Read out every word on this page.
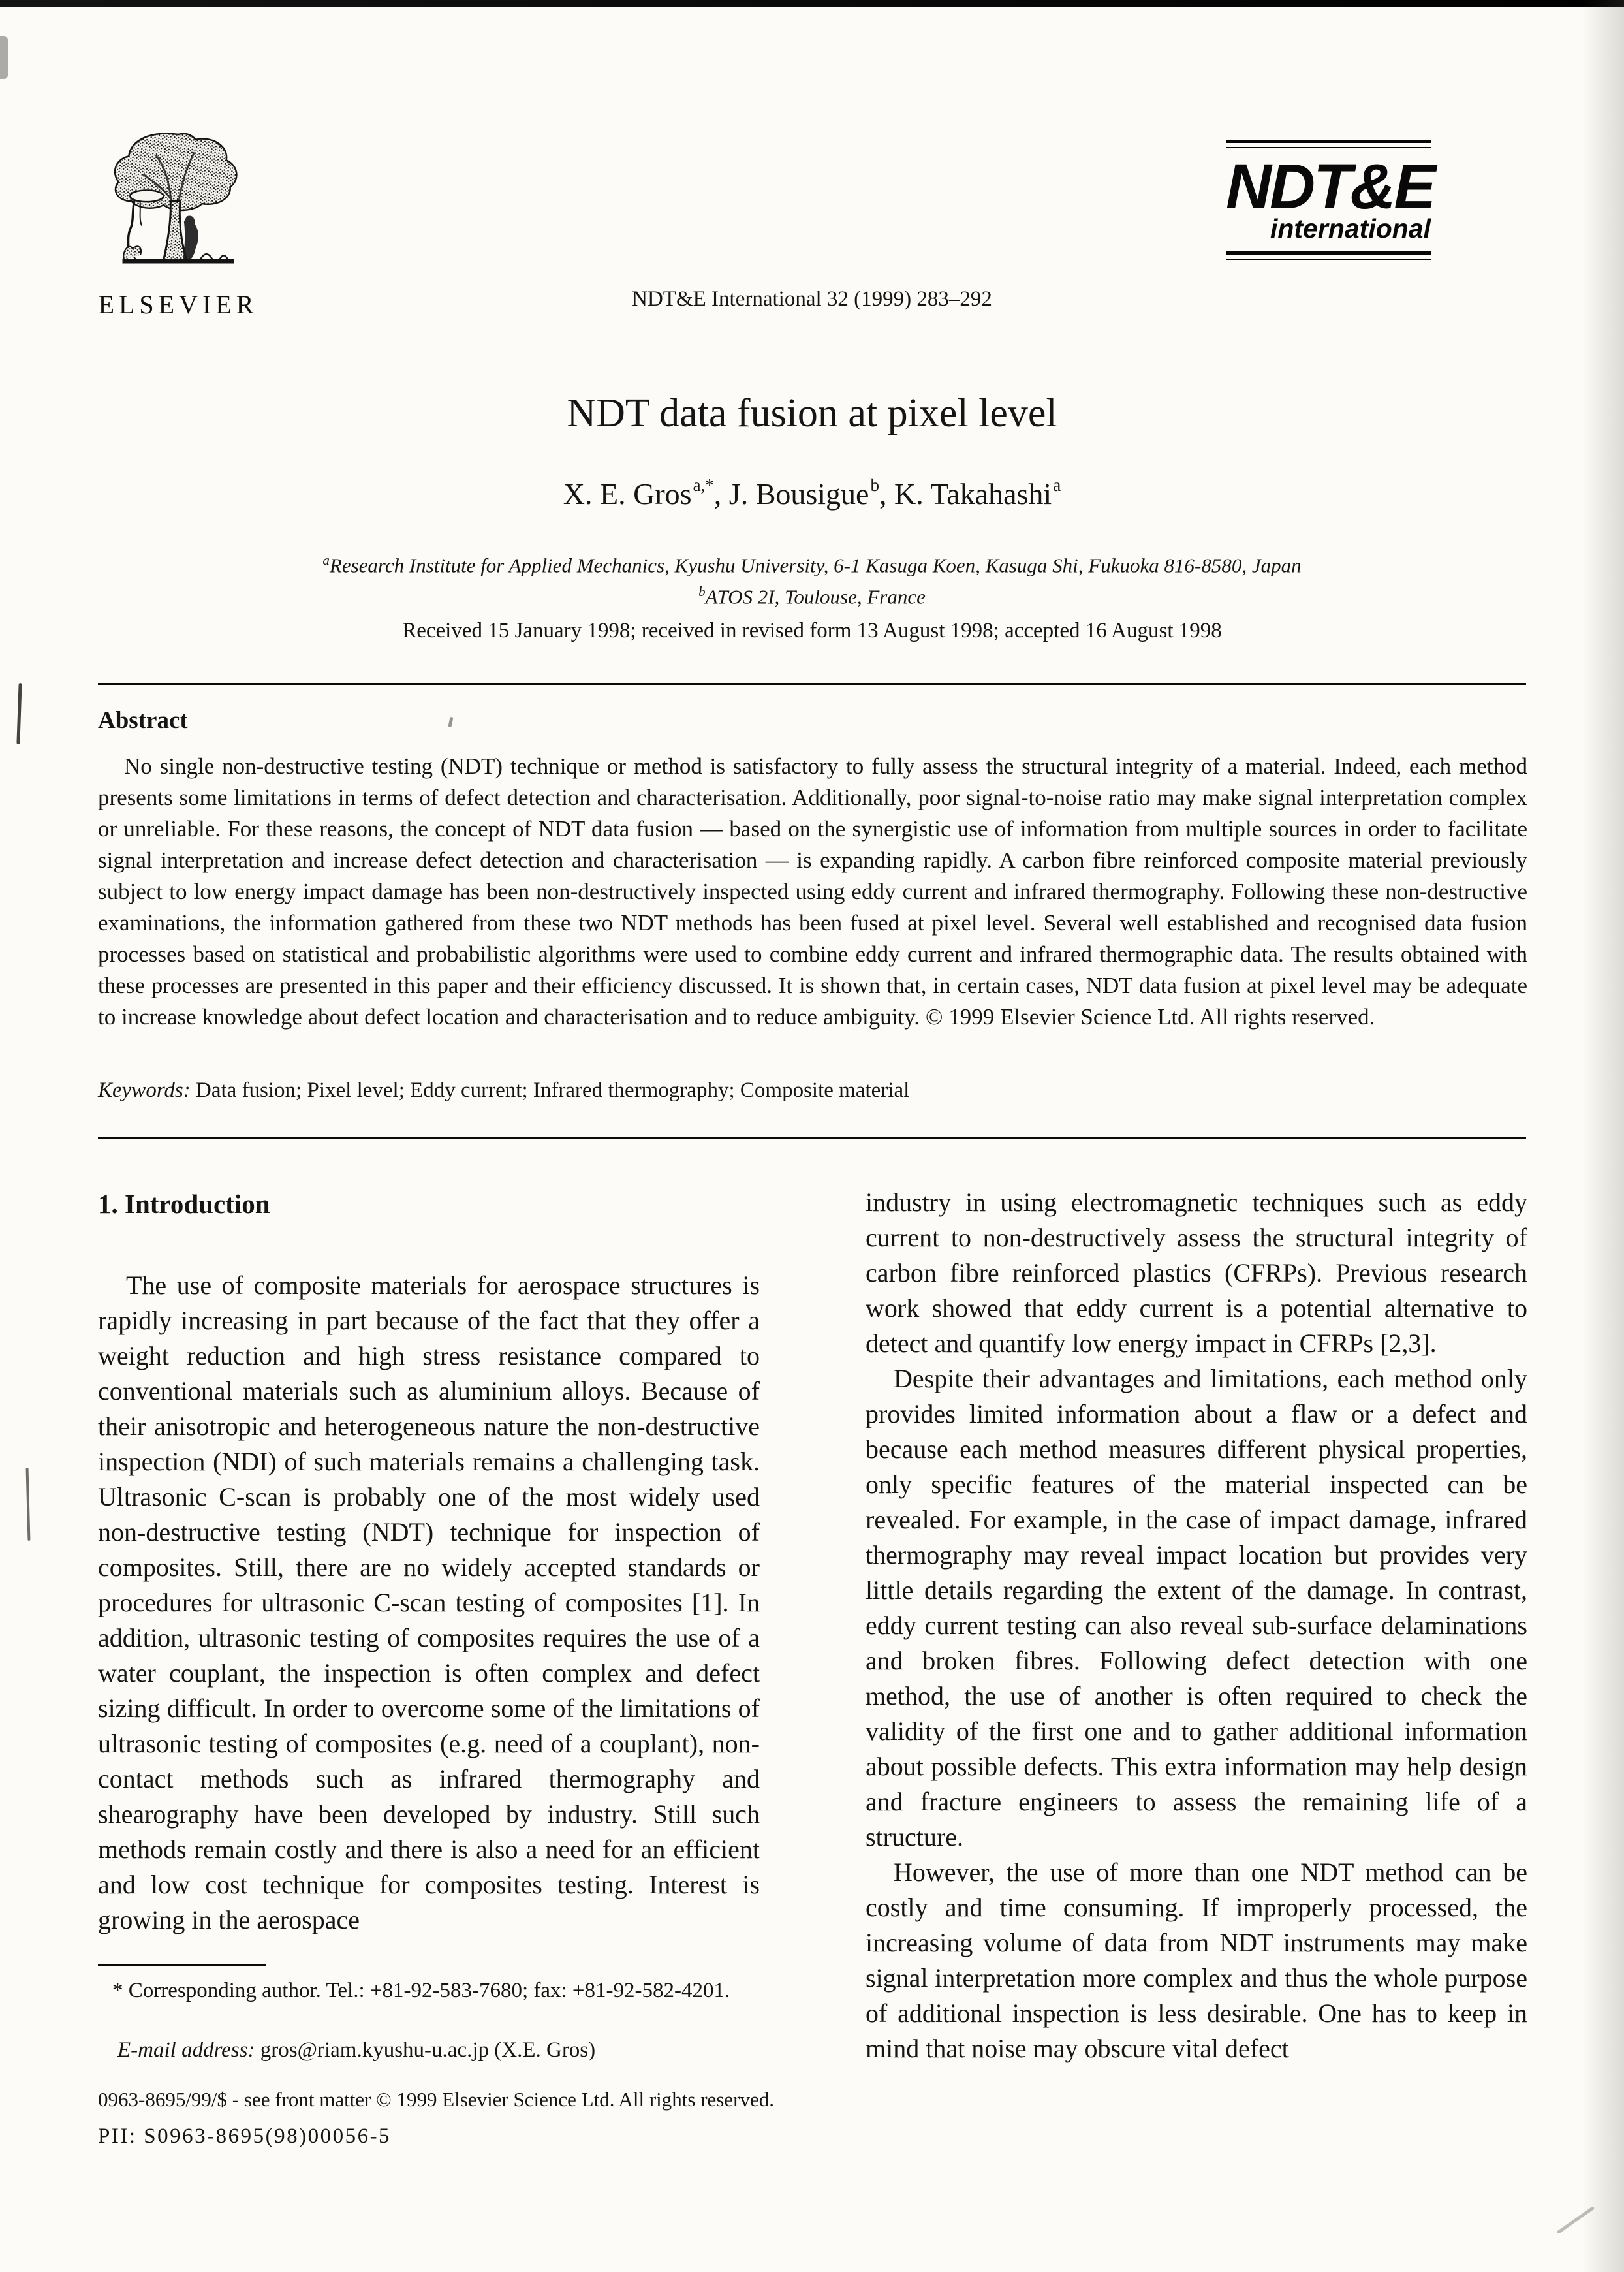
ELSEVIER	NDT&E International 32 (1999) 283–292
NDT&E
international
NDT data fusion at pixel level
X. E. Gros$^{a,*}$, J. Bousigue$^b$, K. Takahashi$^a$
$^a$Research Institute for Applied Mechanics, Kyushu University, 6-1 Kasuga Koen, Kasuga Shi, Fukuoka 816-8580, Japan
$^b$ATOS 2I, Toulouse, France
Received 15 January 1998; received in revised form 13 August 1998; accepted 16 August 1998
Abstract
No single non-destructive testing (NDT) technique or method is satisfactory to fully assess the structural integrity of a material. Indeed, each method presents some limitations in terms of defect detection and characterisation. Additionally, poor signal-to-noise ratio may make signal interpretation complex or unreliable. For these reasons, the concept of NDT data fusion — based on the synergistic use of information from multiple sources in order to facilitate signal interpretation and increase defect detection and characterisation — is expanding rapidly. A carbon fibre reinforced composite material previously subject to low energy impact damage has been non-destructively inspected using eddy current and infrared thermography. Following these non-destructive examinations, the information gathered from these two NDT methods has been fused at pixel level. Several well established and recognised data fusion processes based on statistical and probabilistic algorithms were used to combine eddy current and infrared thermographic data. The results obtained with these processes are presented in this paper and their efficiency discussed. It is shown that, in certain cases, NDT data fusion at pixel level may be adequate to increase knowledge about defect location and characterisation and to reduce ambiguity. © 1999 Elsevier Science Ltd. All rights reserved.
Keywords: Data fusion; Pixel level; Eddy current; Infrared thermography; Composite material
1. Introduction

The use of composite materials for aerospace structures is rapidly increasing in part because of the fact that they offer a weight reduction and high stress resistance compared to conventional materials such as aluminium alloys. Because of their anisotropic and heterogeneous nature the non-destructive inspection (NDI) of such materials remains a challenging task. Ultrasonic C-scan is probably one of the most widely used non-destructive testing (NDT) technique for inspection of composites. Still, there are no widely accepted standards or procedures for ultrasonic C-scan testing of composites [1]. In addition, ultrasonic testing of composites requires the use of a water couplant, the inspection is often complex and defect sizing difficult. In order to overcome some of the limitations of ultrasonic testing of composites (e.g. need of a couplant), non-contact methods such as infrared thermography and shearography have been developed by industry. Still such methods remain costly and there is also a need for an efficient and low cost technique for composites testing. Interest is growing in the aerospace

industry in using electromagnetic techniques such as eddy current to non-destructively assess the structural integrity of carbon fibre reinforced plastics (CFRPs). Previous research work showed that eddy current is a potential alternative to detect and quantify low energy impact in CFRPs [2,3].

Despite their advantages and limitations, each method only provides limited information about a flaw or a defect and because each method measures different physical properties, only specific features of the material inspected can be revealed. For example, in the case of impact damage, infrared thermography may reveal impact location but provides very little details regarding the extent of the damage. In contrast, eddy current testing can also reveal sub-surface delaminations and broken fibres. Following defect detection with one method, the use of another is often required to check the validity of the first one and to gather additional information about possible defects. This extra information may help design and fracture engineers to assess the remaining life of a structure.

However, the use of more than one NDT method can be costly and time consuming. If improperly processed, the increasing volume of data from NDT instruments may make signal interpretation more complex and thus the whole purpose of additional inspection is less desirable. One has to keep in mind that noise may obscure vital defect

* Corresponding author. Tel.: +81-92-583-7680; fax: +81-92-582-4201.
E-mail address: gros@riam.kyushu-u.ac.jp (X.E. Gros)
0963-8695/99/$ - see front matter © 1999 Elsevier Science Ltd. All rights reserved.
PII: S0963-8695(98)00056-5
